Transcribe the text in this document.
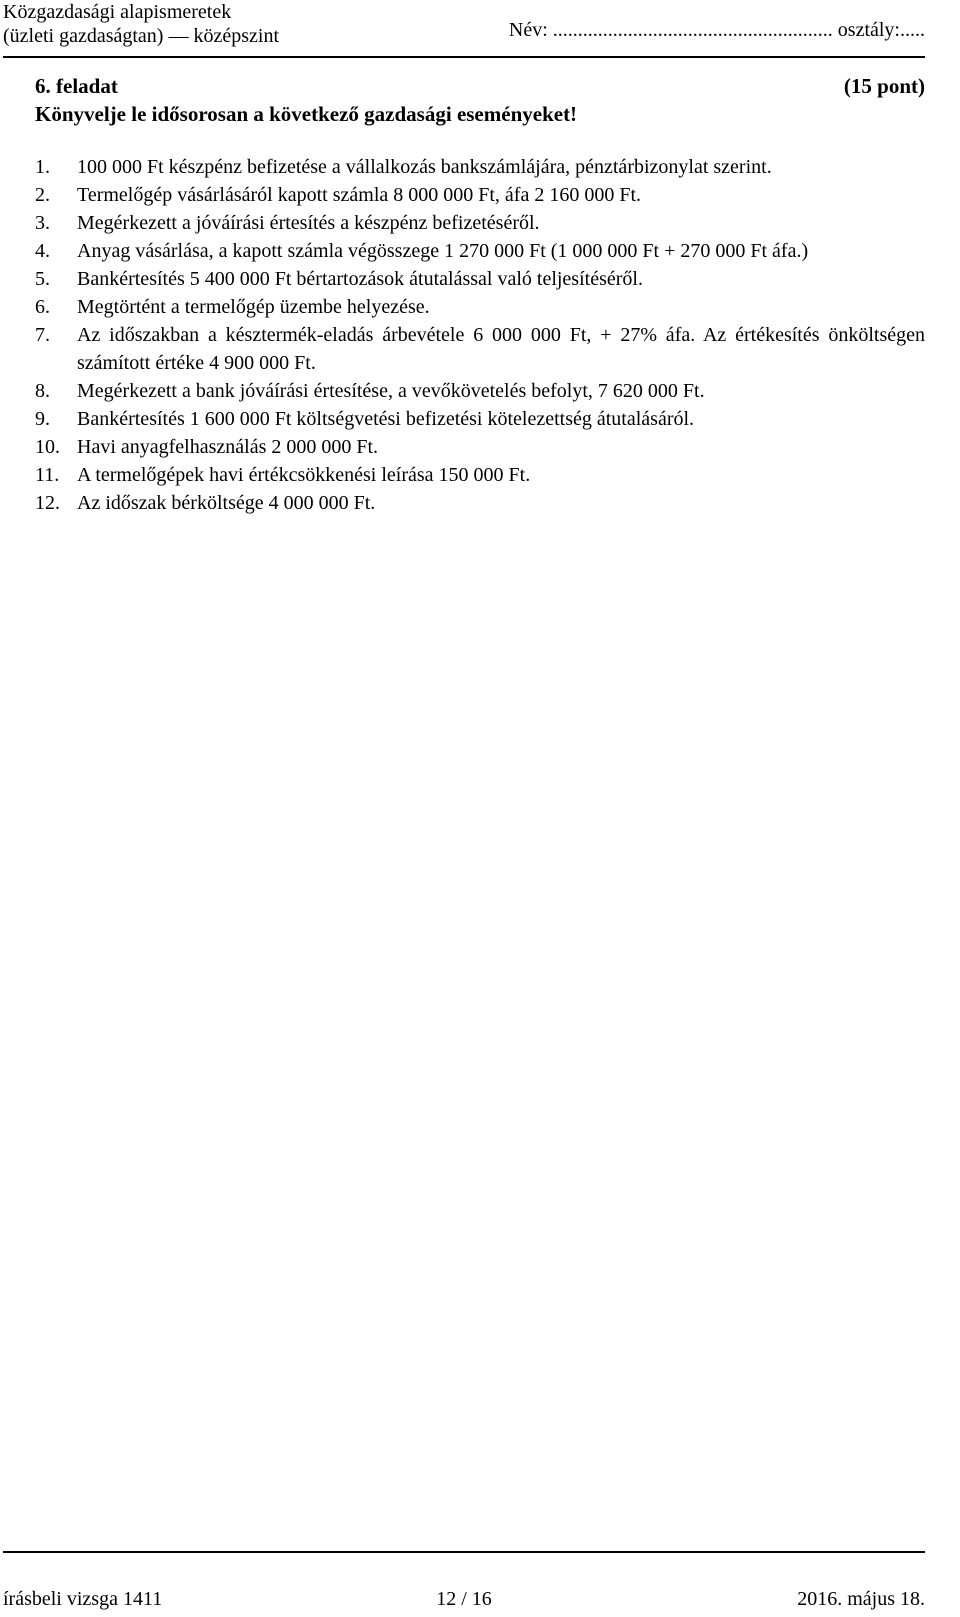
Közgazdasági alapismeretek
(üzleti gazdaságtan) — középszint	Név: ........................................................ osztály:.....
6. feladat	(15 pont)
Könyvelje le idősorosan a következő gazdasági eseményeket!
1. 100 000 Ft készpénz befizetése a vállalkozás bankszámlájára, pénztárbizonylat szerint.
2. Termelőgép vásárlásáról kapott számla 8 000 000 Ft, áfa 2 160 000 Ft.
3. Megérkezett a jóváírási értesítés a készpénz befizetéséről.
4. Anyag vásárlása, a kapott számla végösszege 1 270 000 Ft (1 000 000 Ft + 270 000 Ft áfa.)
5. Bankértesítés 5 400 000 Ft bértartozások átutalással való teljesítéséről.
6. Megtörtént a termelőgép üzembe helyezése.
7. Az időszakban a késztermék-eladás árbevétele 6 000 000 Ft, + 27% áfa. Az értékesítés önköltségen számított értéke 4 900 000 Ft.
8. Megérkezett a bank jóváírási értesítése, a vevőkövetelés befolyt, 7 620 000 Ft.
9. Bankértesítés 1 600 000 Ft költségvetési befizetési kötelezettség átutalásáról.
10. Havi anyagfelhasználás 2 000 000 Ft.
11. A termelőgépek havi értékcsökkenési leírása 150 000 Ft.
12. Az időszak bérköltsége 4 000 000 Ft.
írásbeli vizsga 1411	12 / 16	2016. május 18.
